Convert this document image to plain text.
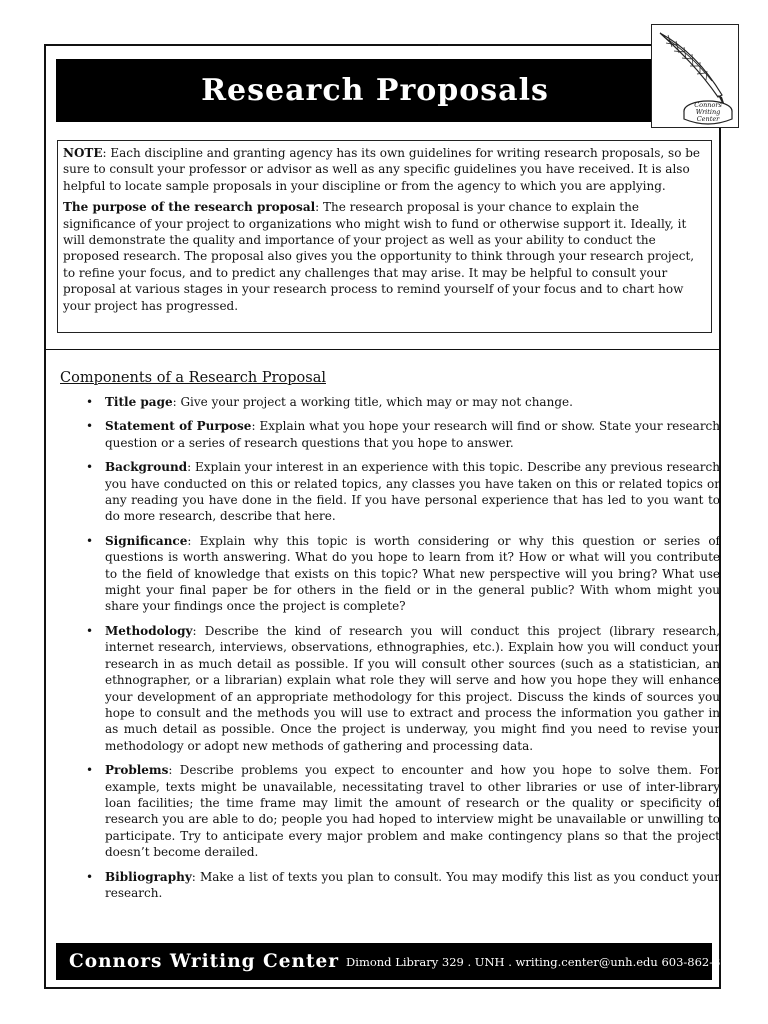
Research Proposals	Connors
Writing
Center

NOTE: Each discipline and granting agency has its own guidelines for writing research proposals, so be sure to consult your professor or advisor as well as any specific guidelines you have received. It is also helpful to locate sample proposals in your discipline or from the agency to which you are applying.

The purpose of the research proposal: The research proposal is your chance to explain the significance of your project to organizations who might wish to fund or otherwise support it. Ideally, it will demonstrate the quality and importance of your project as well as your ability to conduct the proposed research. The proposal also gives you the opportunity to think through your research project, to refine your focus, and to predict any challenges that may arise. It may be helpful to consult your proposal at various stages in your research process to remind yourself of your focus and to chart how your project has progressed.

Components of a Research Proposal
• Title page: Give your project a working title, which may or may not change.
• Statement of Purpose: Explain what you hope your research will find or show. State your research question or a series of research questions that you hope to answer.
• Background: Explain your interest in an experience with this topic. Describe any previous research you have conducted on this or related topics, any classes you have taken on this or related topics or any reading you have done in the field. If you have personal experience that has led to you want to do more research, describe that here.
• Significance: Explain why this topic is worth considering or why this question or series of questions is worth answering. What do you hope to learn from it? How or what will you contribute to the field of knowledge that exists on this topic? What new perspective will you bring? What use might your final paper be for others in the field or in the general public? With whom might you share your findings once the project is complete?
• Methodology: Describe the kind of research you will conduct this project (library research, internet research, interviews, observations, ethnographies, etc.). Explain how you will conduct your research in as much detail as possible. If you will consult other sources (such as a statistician, an ethnographer, or a librarian) explain what role they will serve and how you hope they will enhance your development of an appropriate methodology for this project. Discuss the kinds of sources you hope to consult and the methods you will use to extract and process the information you gather in as much detail as possible. Once the project is underway, you might find you need to revise your methodology or adopt new methods of gathering and processing data.
• Problems: Describe problems you expect to encounter and how you hope to solve them. For example, texts might be unavailable, necessitating travel to other libraries or use of inter-library loan facilities; the time frame may limit the amount of research or the quality or specificity of research you are able to do; people you had hoped to interview might be unavailable or unwilling to participate. Try to anticipate every major problem and make contingency plans so that the project doesn’t become derailed.
• Bibliography: Make a list of texts you plan to consult. You may modify this list as you conduct your research.
Connors Writing Center Dimond Library 329 . UNH . writing.center@unh.edu 603-862-3272
